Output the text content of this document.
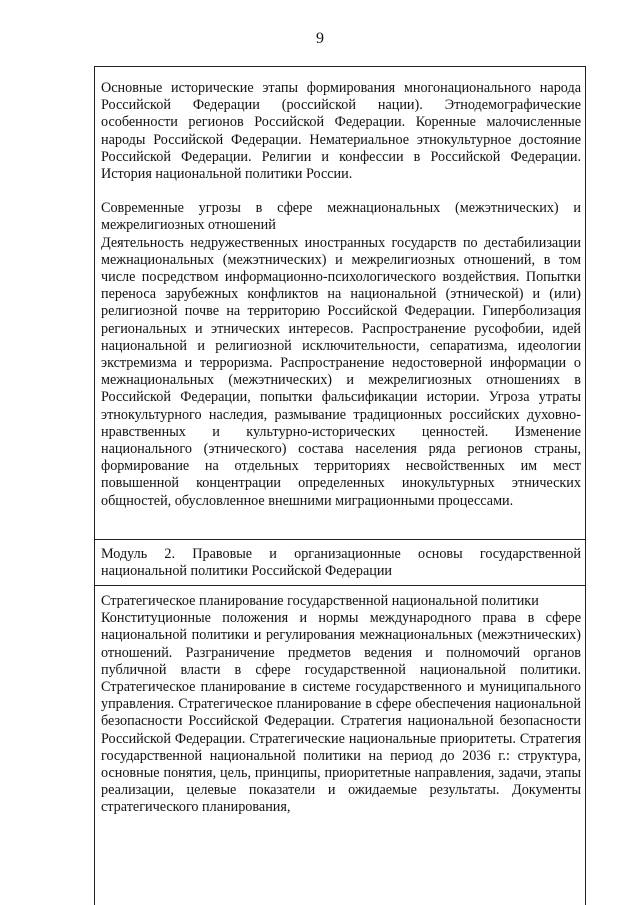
9

Основные исторические этапы формирования многонационального народа Российской Федерации (российской нации). Этнодемографические особенности регионов Российской Федерации. Коренные малочисленные народы Российской Федерации. Нематериальное этнокультурное достояние Российской Федерации. Религии и конфессии в Российской Федерации. История национальной политики России.

Современные угрозы в сфере межнациональных (межэтнических) и межрелигиозных отношений

Деятельность недружественных иностранных государств по дестабилизации межнациональных (межэтнических) и межрелигиозных отношений, в том числе посредством информационно-психологического воздействия. Попытки переноса зарубежных конфликтов на национальной (этнической) и (или) религиозной почве на территорию Российской Федерации. Гиперболизация региональных и этнических интересов. Распространение русофобии, идей национальной и религиозной исключительности, сепаратизма, идеологии экстремизма и терроризма. Распространение недостоверной информации о межнациональных (межэтнических) и межрелигиозных отношениях в Российской Федерации, попытки фальсификации истории. Угроза утраты этнокультурного наследия, размывание традиционных российских духовно-нравственных и культурно-исторических ценностей. Изменение национального (этнического) состава населения ряда регионов страны, формирование на отдельных территориях несвойственных им мест повышенной концентрации определенных инокультурных этнических общностей, обусловленное внешними миграционными процессами.

Модуль 2. Правовые и организационные основы государственной национальной политики Российской Федерации

Стратегическое планирование государственной национальной политики

Конституционные положения и нормы международного права в сфере национальной политики и регулирования межнациональных (межэтнических) отношений. Разграничение предметов ведения и полномочий органов публичной власти в сфере государственной национальной политики. Стратегическое планирование в системе государственного и муниципального управления. Стратегическое планирование в сфере обеспечения национальной безопасности Российской Федерации. Стратегия национальной безопасности Российской Федерации. Стратегические национальные приоритеты. Стратегия государственной национальной политики на период до 2036 г.: структура, основные понятия, цель, принципы, приоритетные направления, задачи, этапы реализации, целевые показатели и ожидаемые результаты. Документы стратегического планирования,
